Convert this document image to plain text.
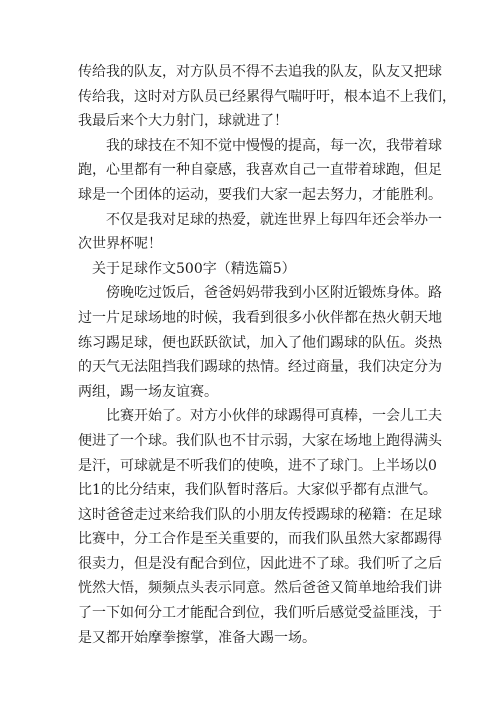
传给我的队友，对方队员不得不去追我的队友，队友又把球
传给我，这时对方队员已经累得气喘吁吁，根本追不上我们，
我最后来个大力射门，球就进了！
我的球技在不知不觉中慢慢的提高，每一次，我带着球
跑，心里都有一种自豪感，我喜欢自己一直带着球跑，但足
球是一个团体的运动，要我们大家一起去努力，才能胜利。
不仅是我对足球的热爱，就连世界上每四年还会举办一
次世界杯呢！
关于足球作文500字（精选篇5）
傍晚吃过饭后，爸爸妈妈带我到小区附近锻炼身体。路
过一片足球场地的时候，我看到很多小伙伴都在热火朝天地
练习踢足球，便也跃跃欲试，加入了他们踢球的队伍。炎热
的天气无法阻挡我们踢球的热情。经过商量，我们决定分为
两组，踢一场友谊赛。
比赛开始了。对方小伙伴的球踢得可真棒，一会儿工夫
便进了一个球。我们队也不甘示弱，大家在场地上跑得满头
是汗，可球就是不听我们的使唤，进不了球门。上半场以0
比1的比分结束，我们队暂时落后。大家似乎都有点泄气。
这时爸爸走过来给我们队的小朋友传授踢球的秘籍：在足球
比赛中，分工合作是至关重要的，而我们队虽然大家都踢得
很卖力，但是没有配合到位，因此进不了球。我们听了之后
恍然大悟，频频点头表示同意。然后爸爸又简单地给我们讲
了一下如何分工才能配合到位，我们听后感觉受益匪浅，于
是又都开始摩拳擦掌，准备大踢一场。
